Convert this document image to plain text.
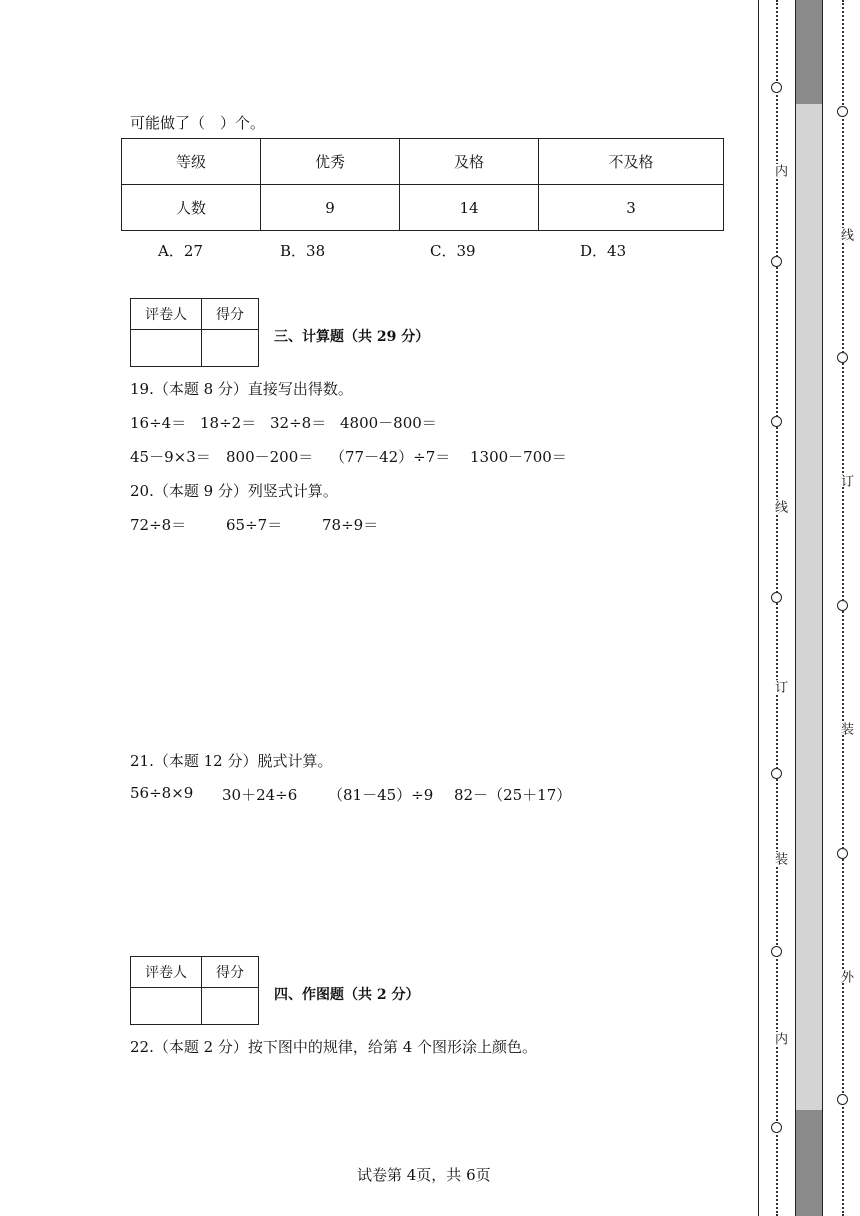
可能做了（　）个。
等级	优秀	及格	不及格
人数	9	14	3
A．27	B．38	C．39	D．43
评卷人	得分

三、计算题（共 29 分）
19.（本题 8 分）直接写出得数。
16÷4＝ 18÷2＝ 32÷8＝ 4800－800＝
45－9×3＝ 800－200＝ （77－42）÷7＝ 1300－700＝
20.（本题 9 分）列竖式计算。
72÷8＝	65÷7＝	78÷9＝
21.（本题 12 分）脱式计算。
56÷8×9 30＋24÷6 （81－45）÷9 82－（25＋17）
评卷人	得分

四、作图题（共 2 分）
22.（本题 2 分）按下图中的规律，给第 4 个图形涂上颜色。
试卷第 4页，共 6页
内
线
订
装
内
线
订
装
外
